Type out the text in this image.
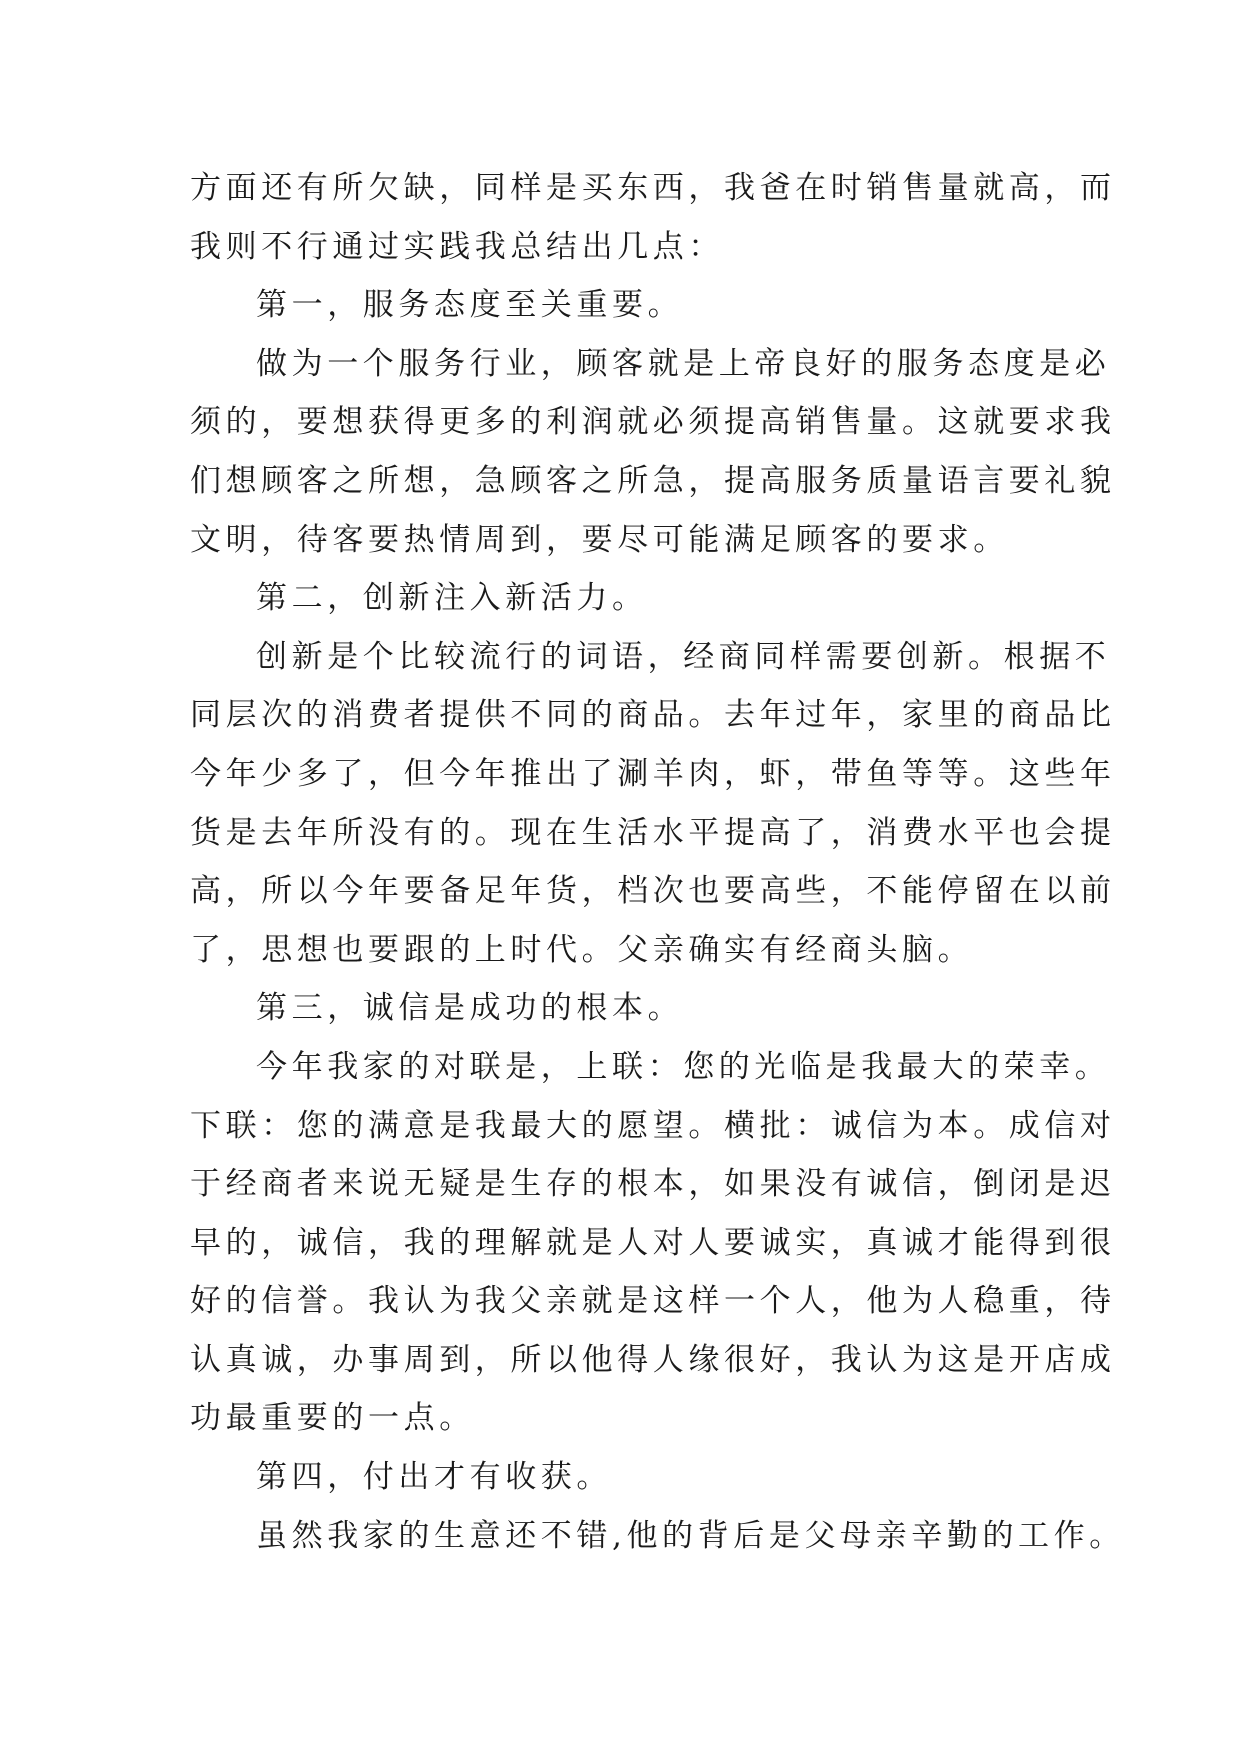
方面还有所欠缺，同样是买东西，我爸在时销售量就高，而
我则不行通过实践我总结出几点：
第一，服务态度至关重要。
做为一个服务行业，顾客就是上帝良好的服务态度是必
须的，要想获得更多的利润就必须提高销售量。这就要求我
们想顾客之所想，急顾客之所急，提高服务质量语言要礼貌
文明，待客要热情周到，要尽可能满足顾客的要求。
第二，创新注入新活力。
创新是个比较流行的词语，经商同样需要创新。根据不
同层次的消费者提供不同的商品。去年过年，家里的商品比
今年少多了，但今年推出了涮羊肉，虾，带鱼等等。这些年
货是去年所没有的。现在生活水平提高了，消费水平也会提
高，所以今年要备足年货，档次也要高些，不能停留在以前
了，思想也要跟的上时代。父亲确实有经商头脑。
第三，诚信是成功的根本。
今年我家的对联是，上联：您的光临是我最大的荣幸。
下联：您的满意是我最大的愿望。横批：诚信为本。成信对
于经商者来说无疑是生存的根本，如果没有诚信，倒闭是迟
早的，诚信，我的理解就是人对人要诚实，真诚才能得到很
好的信誉。我认为我父亲就是这样一个人，他为人稳重，待
认真诚，办事周到，所以他得人缘很好，我认为这是开店成
功最重要的一点。
第四，付出才有收获。
虽然我家的生意还不错,他的背后是父母亲辛勤的工作。
